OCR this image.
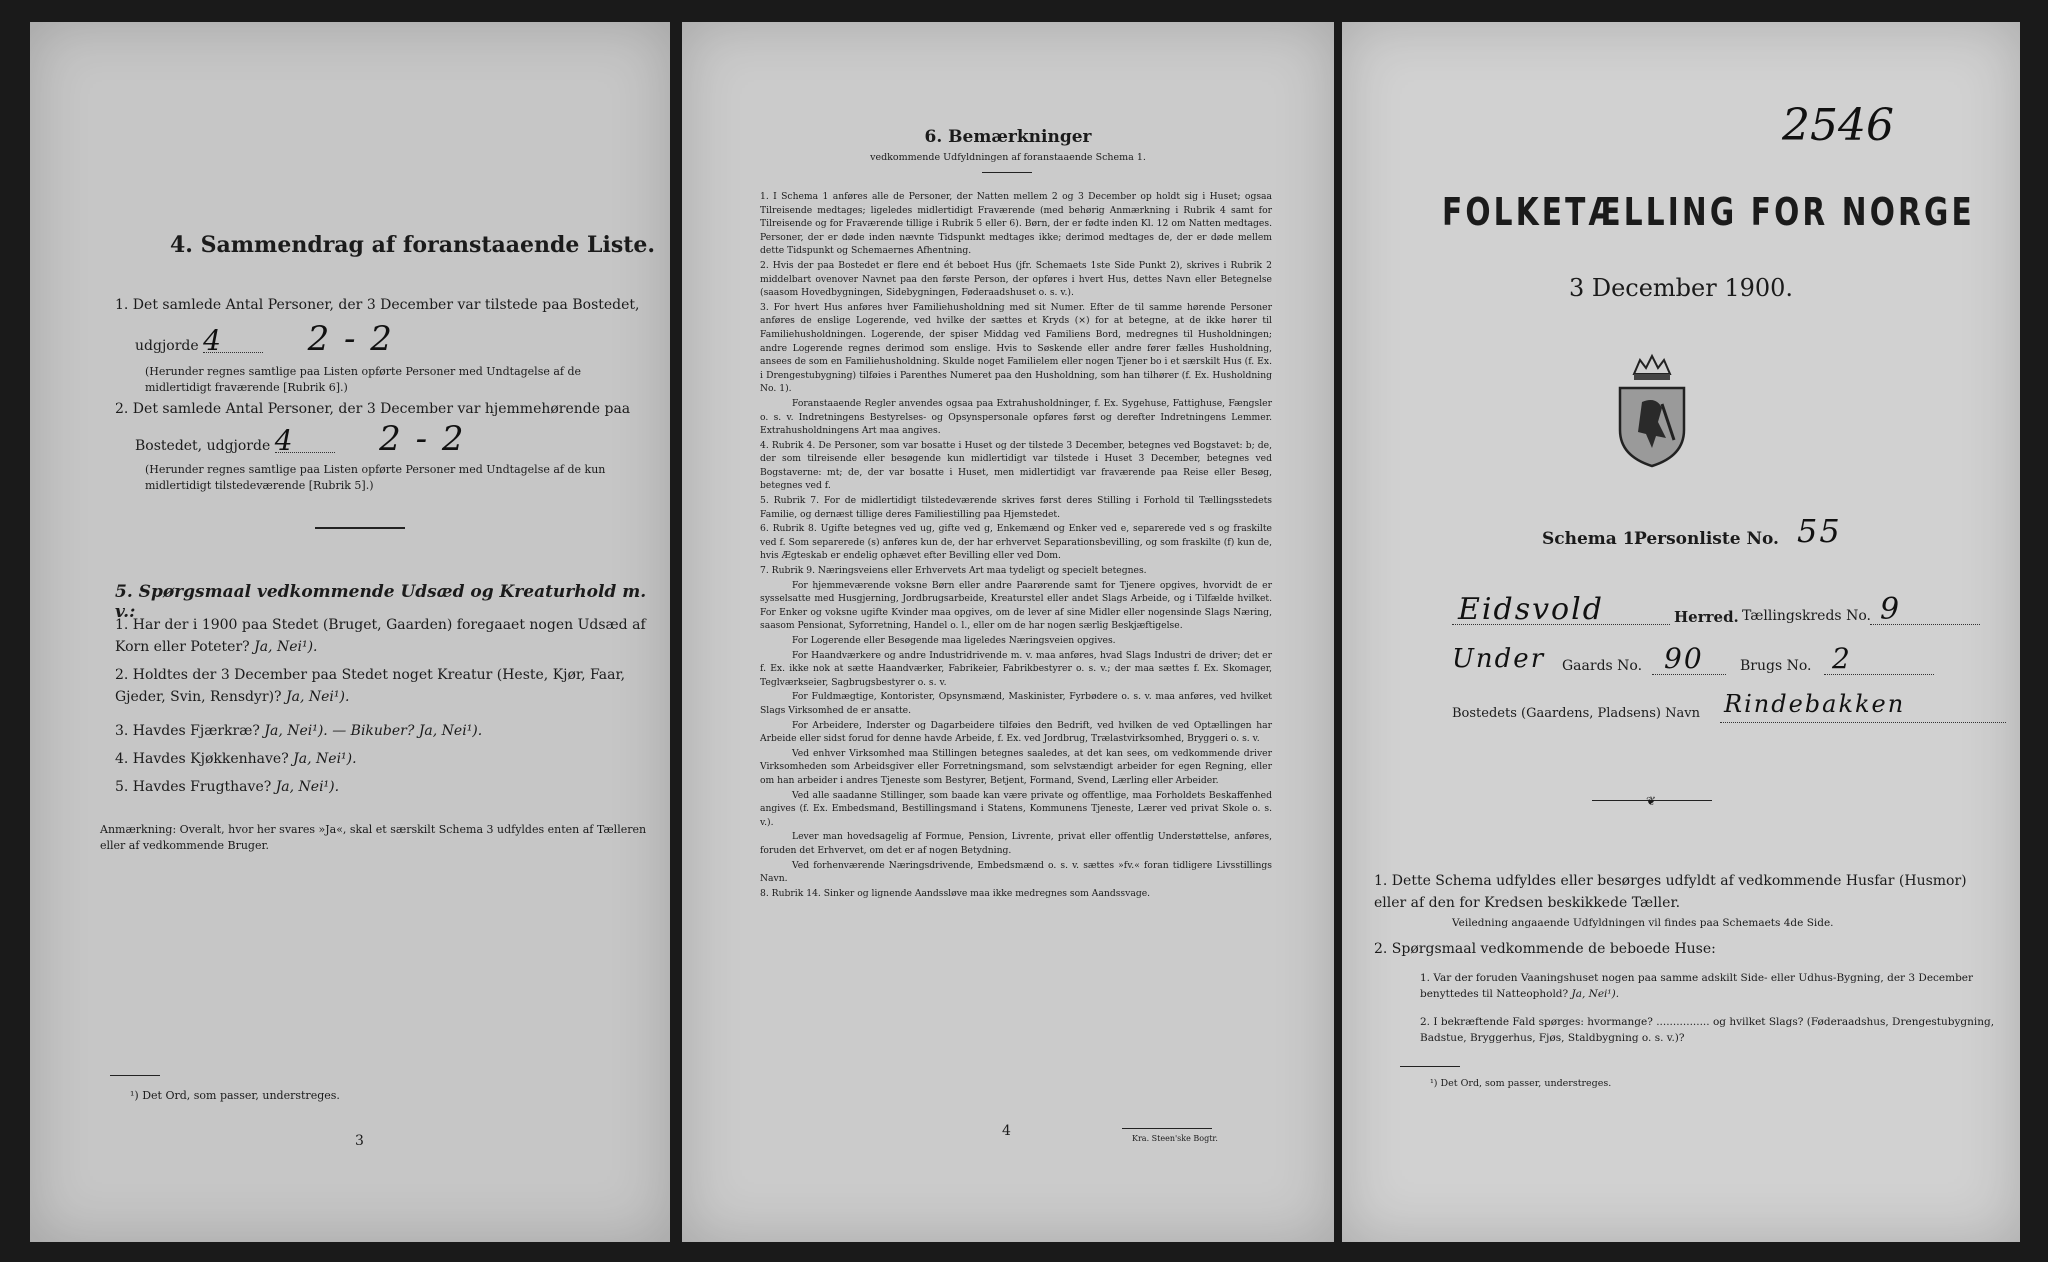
4. Sammendrag af foranstaaende Liste.
1. Det samlede Antal Personer, der 3 December var tilstede paa Bostedet,
udgjorde 4 2 - 2
(Herunder regnes samtlige paa Listen opførte Personer med Undtagelse af de midlertidigt fraværende [Rubrik 6].)
2. Det samlede Antal Personer, der 3 December var hjemmehørende paa
Bostedet, udgjorde 4 2 - 2
(Herunder regnes samtlige paa Listen opførte Personer med Undtagelse af de kun midlertidigt tilstedeværende [Rubrik 5].)
5. Spørgsmaal vedkommende Udsæd og Kreaturhold m. v.:
1. Har der i 1900 paa Stedet (Bruget, Gaarden) foregaaet nogen Udsæd af Korn eller Poteter? Ja, Nei¹).
2. Holdtes der 3 December paa Stedet noget Kreatur (Heste, Kjør, Faar, Gjeder, Svin, Rensdyr)? Ja, Nei¹).
3. Havdes Fjærkræ? Ja, Nei¹). — Bikuber? Ja, Nei¹).
4. Havdes Kjøkkenhave? Ja, Nei¹).
5. Havdes Frugthave? Ja, Nei¹).
Anmærkning: Overalt, hvor her svares »Ja«, skal et særskilt Schema 3 udfyldes enten af Tælleren eller af vedkommende Bruger.
¹) Det Ord, som passer, understreges.
3
6. Bemærkninger
vedkommende Udfyldningen af foranstaaende Schema 1.

1. I Schema 1 anføres alle de Personer, der Natten mellem 2 og 3 December op holdt sig i Huset; ogsaa Tilreisende medtages; ligeledes midlertidigt Fraværende (med behørig Anmærkning i Rubrik 4 samt for Tilreisende og for Fraværende tillige i Rubrik 5 eller 6). Børn, der er fødte inden Kl. 12 om Natten medtages. Personer, der er døde inden nævnte Tidspunkt medtages ikke; derimod medtages de, der er døde mellem dette Tidspunkt og Schemaernes Afhentning.

2. Hvis der paa Bostedet er flere end ét beboet Hus (jfr. Schemaets 1ste Side Punkt 2), skrives i Rubrik 2 middelbart ovenover Navnet paa den første Person, der opføres i hvert Hus, dettes Navn eller Betegnelse (saasom Hovedbygningen, Sidebygningen, Føderaadshuset o. s. v.).

3. For hvert Hus anføres hver Familiehusholdning med sit Numer. Efter de til samme hørende Personer anføres de enslige Logerende, ved hvilke der sættes et Kryds (×) for at betegne, at de ikke hører til Familiehusholdningen. Logerende, der spiser Middag ved Familiens Bord, medregnes til Husholdningen; andre Logerende regnes derimod som enslige. Hvis to Søskende eller andre fører fælles Husholdning, ansees de som en Familiehusholdning. Skulde noget Familielem eller nogen Tjener bo i et særskilt Hus (f. Ex. i Drengestubygning) tilføies i Parenthes Numeret paa den Husholdning, som han tilhører (f. Ex. Husholdning No. 1).

Foranstaaende Regler anvendes ogsaa paa Extrahusholdninger, f. Ex. Sygehuse, Fattighuse, Fængsler o. s. v. Indretningens Bestyrelses- og Opsynspersonale opføres først og derefter Indretningens Lemmer. Extrahusholdningens Art maa angives.

4. Rubrik 4. De Personer, som var bosatte i Huset og der tilstede 3 December, betegnes ved Bogstavet: b; de, der som tilreisende eller besøgende kun midlertidigt var tilstede i Huset 3 December, betegnes ved Bogstaverne: mt; de, der var bosatte i Huset, men midlertidigt var fraværende paa Reise eller Besøg, betegnes ved f.

5. Rubrik 7. For de midlertidigt tilstedeværende skrives først deres Stilling i Forhold til Tællingsstedets Familie, og dernæst tillige deres Familiestilling paa Hjemstedet.

6. Rubrik 8. Ugifte betegnes ved ug, gifte ved g, Enkemænd og Enker ved e, separerede ved s og fraskilte ved f. Som separerede (s) anføres kun de, der har erhvervet Separationsbevilling, og som fraskilte (f) kun de, hvis Ægteskab er endelig ophævet efter Bevilling eller ved Dom.

7. Rubrik 9. Næringsveiens eller Erhvervets Art maa tydeligt og specielt betegnes.

For hjemmeværende voksne Børn eller andre Paarørende samt for Tjenere opgives, hvorvidt de er sysselsatte med Husgjerning, Jordbrugsarbeide, Kreaturstel eller andet Slags Arbeide, og i Tilfælde hvilket. For Enker og voksne ugifte Kvinder maa opgives, om de lever af sine Midler eller nogensinde Slags Næring, saasom Pensionat, Syforretning, Handel o. l., eller om de har nogen særlig Beskjæftigelse.

For Logerende eller Besøgende maa ligeledes Næringsveien opgives.

For Haandværkere og andre Industridrivende m. v. maa anføres, hvad Slags Industri de driver; det er f. Ex. ikke nok at sætte Haandværker, Fabrikeier, Fabrikbestyrer o. s. v.; der maa sættes f. Ex. Skomager, Teglværkseier, Sagbrugsbestyrer o. s. v.

For Fuldmægtige, Kontorister, Opsynsmænd, Maskinister, Fyrbødere o. s. v. maa anføres, ved hvilket Slags Virksomhed de er ansatte.

For Arbeidere, Inderster og Dagarbeidere tilføies den Bedrift, ved hvilken de ved Optællingen har Arbeide eller sidst forud for denne havde Arbeide, f. Ex. ved Jordbrug, Trælastvirksomhed, Bryggeri o. s. v.

Ved enhver Virksomhed maa Stillingen betegnes saaledes, at det kan sees, om vedkommende driver Virksomheden som Arbeidsgiver eller Forretningsmand, som selvstændigt arbeider for egen Regning, eller om han arbeider i andres Tjeneste som Bestyrer, Betjent, Formand, Svend, Lærling eller Arbeider.

Ved alle saadanne Stillinger, som baade kan være private og offentlige, maa Forholdets Beskaffenhed angives (f. Ex. Embedsmand, Bestillingsmand i Statens, Kommunens Tjeneste, Lærer ved privat Skole o. s. v.).

Lever man hovedsagelig af Formue, Pension, Livrente, privat eller offentlig Understøttelse, anføres, foruden det Erhvervet, om det er af nogen Betydning.

Ved forhenværende Næringsdrivende, Embedsmænd o. s. v. sættes »fv.« foran tidligere Livsstillings Navn.

8. Rubrik 14. Sinker og lignende Aandssløve maa ikke medregnes som Aandssvage.

4	Kra. Steen'ske Bogtr.
2546
FOLKETÆLLING FOR NORGE
3 December 1900.
Schema 1.
Personliste No. 55
Eidsvold	Herred. Tællingskreds No. 9
Under Gaards No. 90	Brugs No. 2
Bostedets (Gaardens, Pladsens) Navn Rindebakken
❦
1. Dette Schema udfyldes eller besørges udfyldt af vedkommende Husfar (Husmor) eller af den for Kredsen beskikkede Tæller.
Veiledning angaaende Udfyldningen vil findes paa Schemaets 4de Side.
2. Spørgsmaal vedkommende de beboede Huse:
1. Var der foruden Vaaningshuset nogen paa samme adskilt Side- eller Udhus-Bygning, der 3 December benyttedes til Natteophold? Ja, Nei¹).
2. I bekræftende Fald spørges: hvormange? ................ og hvilket Slags? (Føderaadshus, Drengestubygning, Badstue, Bryggerhus, Fjøs, Staldbygning o. s. v.)?
¹) Det Ord, som passer, understreges.
